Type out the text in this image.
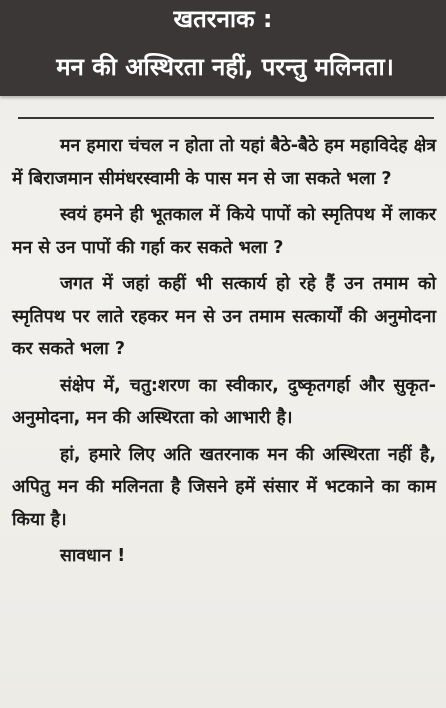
खतरनाक :
मन की अस्थिरता नहीं, परन्तु मलिनता।

मन हमारा चंचल न होता तो यहां बैठे-बैठे हम महाविदेह क्षेत्र में बिराजमान सीमंधरस्वामी के पास मन से जा सकते भला ?

स्वयं हमने ही भूतकाल में किये पापों को स्मृतिपथ में लाकर मन से उन पापों की गर्हा कर सकते भला ?

जगत में जहां कहीं भी सत्कार्य हो रहे हैं उन तमाम को स्मृतिपथ पर लाते रहकर मन से उन तमाम सत्कार्यों की अनुमोदना कर सकते भला ?

संक्षेप में, चतु:शरण का स्वीकार, दुष्कृतगर्हा और सुकृत-अनुमोदना, मन की अस्थिरता को आभारी है।

हां, हमारे लिए अति खतरनाक मन की अस्थिरता नहीं है, अपितु मन की मलिनता है जिसने हमें संसार में भटकाने का काम किया है।

सावधान !
